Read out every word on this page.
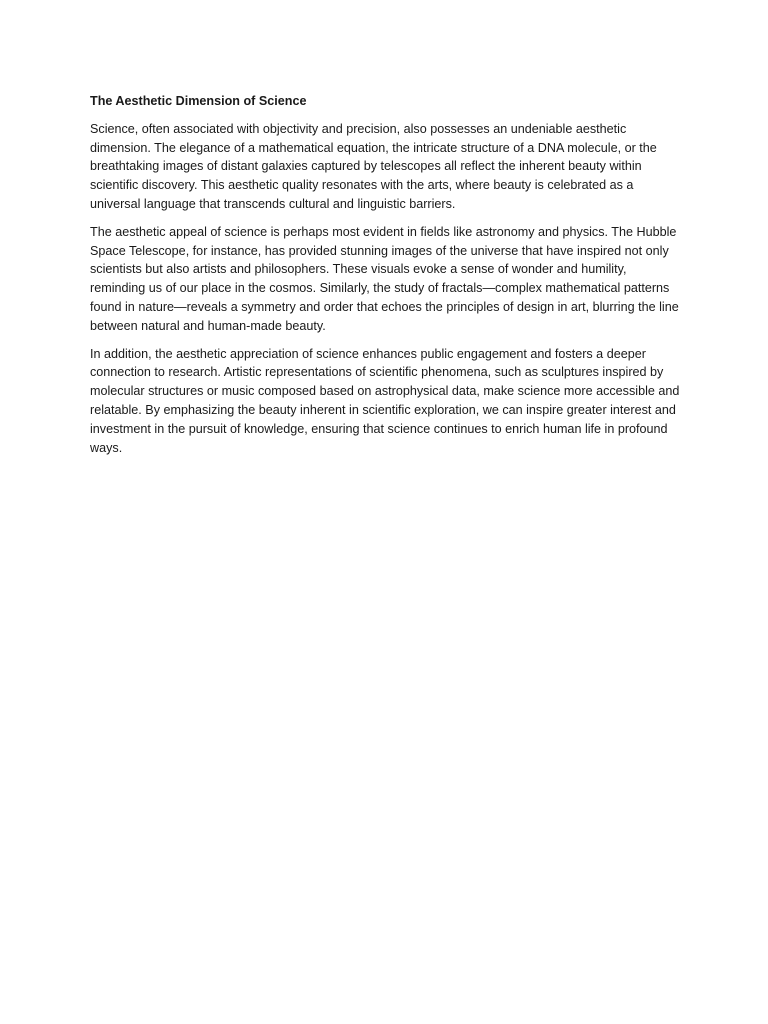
The Aesthetic Dimension of Science

Science, often associated with objectivity and precision, also possesses an undeniable aesthetic dimension. The elegance of a mathematical equation, the intricate structure of a DNA molecule, or the breathtaking images of distant galaxies captured by telescopes all reflect the inherent beauty within scientific discovery. This aesthetic quality resonates with the arts, where beauty is celebrated as a universal language that transcends cultural and linguistic barriers.

The aesthetic appeal of science is perhaps most evident in fields like astronomy and physics. The Hubble Space Telescope, for instance, has provided stunning images of the universe that have inspired not only scientists but also artists and philosophers. These visuals evoke a sense of wonder and humility, reminding us of our place in the cosmos. Similarly, the study of fractals—complex mathematical patterns found in nature—reveals a symmetry and order that echoes the principles of design in art, blurring the line between natural and human-made beauty.

In addition, the aesthetic appreciation of science enhances public engagement and fosters a deeper connection to research. Artistic representations of scientific phenomena, such as sculptures inspired by molecular structures or music composed based on astrophysical data, make science more accessible and relatable. By emphasizing the beauty inherent in scientific exploration, we can inspire greater interest and investment in the pursuit of knowledge, ensuring that science continues to enrich human life in profound ways.
